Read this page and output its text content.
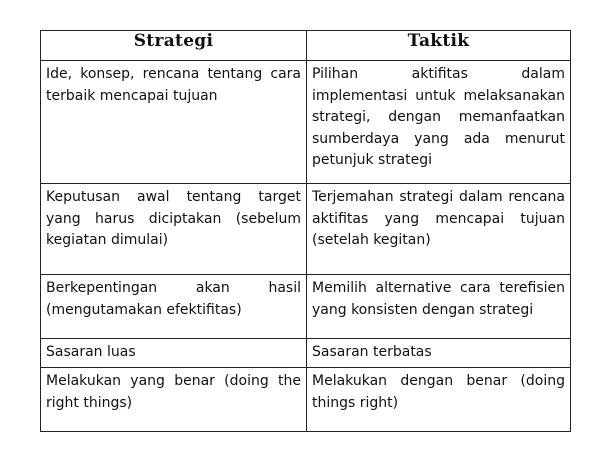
Strategi	Taktik
Ide, konsep, rencana tentang cara terbaik mencapai tujuan	Pilihan aktifitas dalam implementasi untuk melaksanakan strategi, dengan memanfaatkan sumberdaya yang ada menurut petunjuk strategi
Keputusan awal tentang target yang harus diciptakan (sebelum kegiatan dimulai)	Terjemahan strategi dalam rencana aktifitas yang mencapai tujuan (setelah kegitan)
Berkepentingan akan hasil (mengutamakan efektifitas)	Memilih alternative cara terefisien yang konsisten dengan strategi
Sasaran luas	Sasaran terbatas
Melakukan yang benar (doing the right things)	Melakukan dengan benar (doing things right)
